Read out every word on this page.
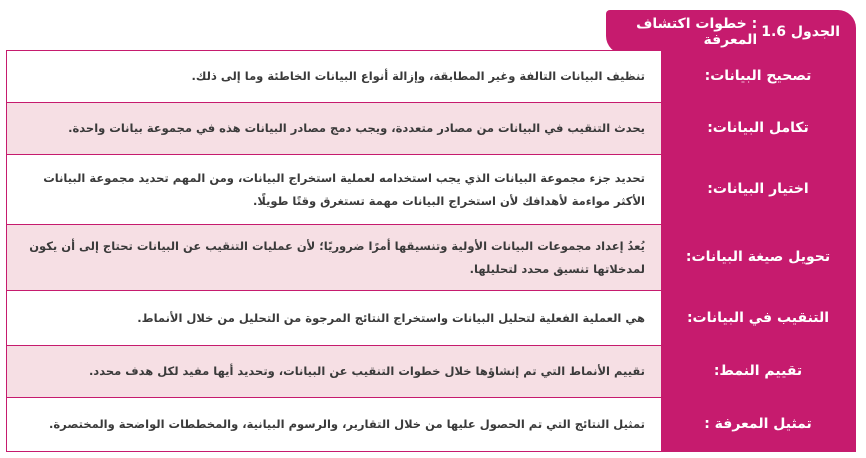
الجدول

1.6
: خطوات اكتشاف المعرفة
تصحيح البيانات:
تنظيف البيانات التالفة وغير المطابقة، وإزالة أنواع البيانات الخاطئة وما إلى ذلك.
تكامل البيانات:
يحدث التنقيب في البيانات من مصادر متعددة، ويجب دمج مصادر البيانات هذه في مجموعة بيانات واحدة.
اختيار البيانات:
تحديد جزء مجموعة البيانات الذي يجب استخدامه لعملية استخراج البيانات، ومن المهم تحديد مجموعة البيانات الأكثر مواءمة لأهدافك لأن استخراج البيانات مهمة تستغرق وقتًا طويلًا.
تحويل صيغة البيانات:
يُعدُ إعداد مجموعات البيانات الأولية وتنسيقها أمرًا ضروريًا؛ لأن عمليات التنقيب عن البيانات تحتاج إلى أن يكون لمدخلاتها تنسيق محدد لتحليلها.
التنقيب في البيانات:
هي العملية الفعلية لتحليل البيانات واستخراج النتائج المرجوة من التحليل من خلال الأنماط.
تقييم النمط:
تقييم الأنماط التي تم إنشاؤها خلال خطوات التنقيب عن البيانات، وتحديد أيها مفيد لكل هدف محدد.
تمثيل المعرفة :
تمثيل النتائج التي تم الحصول عليها من خلال التقارير، والرسوم البيانية، والمخططات الواضحة والمختصرة.
